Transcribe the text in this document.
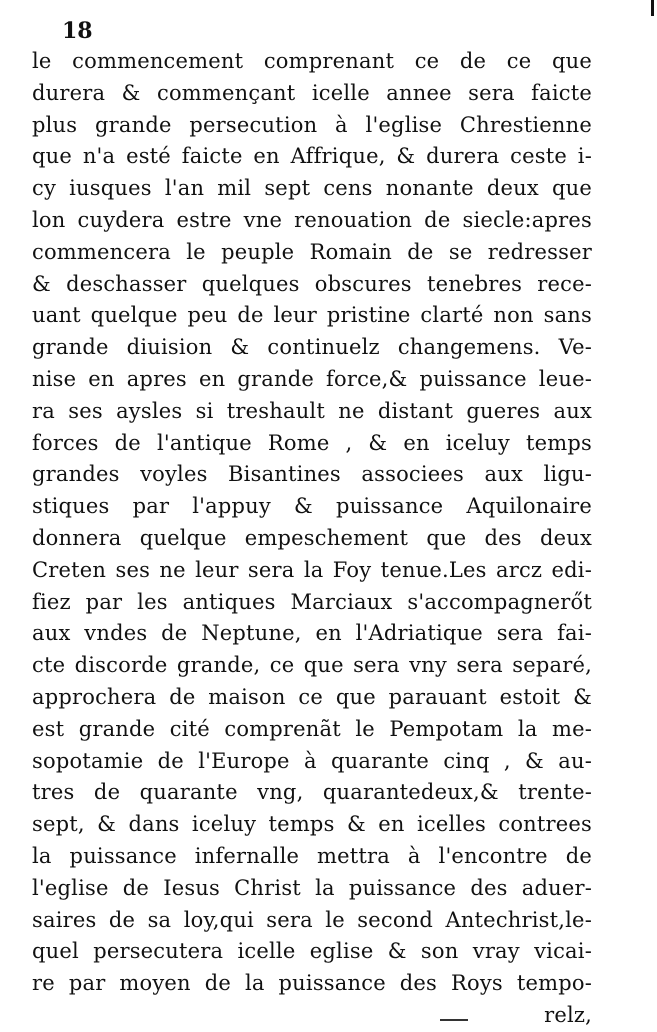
18
le commencement comprenant ce de ce que
durera & commençant icelle annee sera faicte
plus grande persecution à l'eglise Chrestienne
que n'a esté faicte en Affrique, & durera ceste i-
cy iusques l'an mil sept cens nonante deux que
lon cuydera estre vne renouation de siecle:apres
commencera le peuple Romain de se redresser
& deschasser quelques obscures tenebres rece-
uant quelque peu de leur pristine clarté non sans
grande diuision & continuelz changemens. Ve-
nise en apres en grande force,& puissance leue-
ra ses aysles si treshault ne distant gueres aux
forces de l'antique Rome , & en iceluy temps
grandes voyles Bisantines associees aux ligu-
stiques par l'appuy & puissance Aquilonaire
donnera quelque empeschement que des deux
Creten ses ne leur sera la Foy tenue.Les arcz edi-
fiez par les antiques Marciaux s'accompagnerőt
aux vndes de Neptune, en l'Adriatique sera fai-
cte discorde grande, ce que sera vny sera separé,
approchera de maison ce que parauant estoit &
est grande cité comprenãt le Pempotam la me-
sopotamie de l'Europe à quarante cinq , & au-
tres de quarante vng, quarantedeux,& trente-
sept, & dans iceluy temps & en icelles contrees
la puissance infernalle mettra à l'encontre de
l'eglise de Iesus Christ la puissance des aduer-
saires de sa loy,qui sera le second Antechrist,le-
quel persecutera icelle eglise & son vray vicai-
re par moyen de la puissance des Roys tempo-
relz,
